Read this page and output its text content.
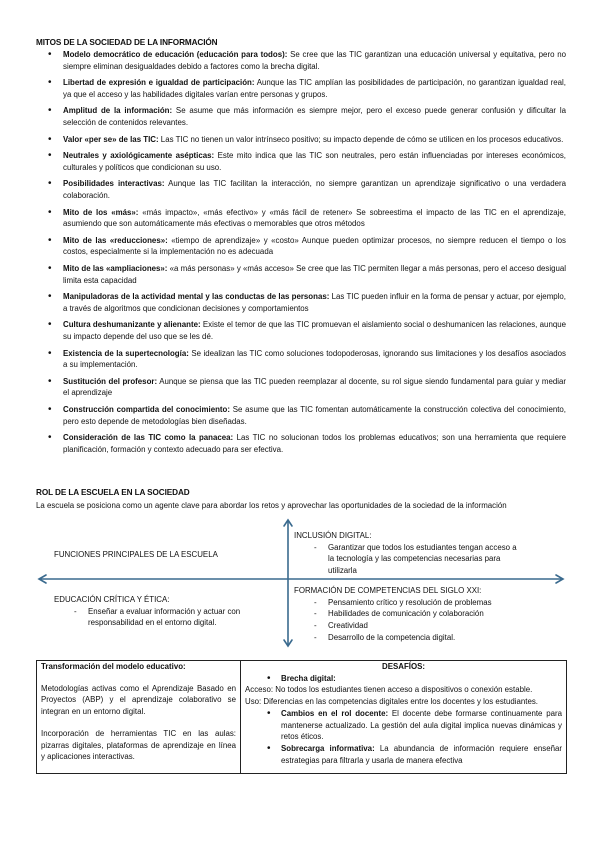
MITOS DE LA SOCIEDAD DE LA INFORMACIÓN
• Modelo democrático de educación (educación para todos): Se cree que las TIC garantizan una educación universal y equitativa, pero no siempre eliminan desigualdades debido a factores como la brecha digital.
• Libertad de expresión e igualdad de participación: Aunque las TIC amplían las posibilidades de participación, no garantizan igualdad real, ya que el acceso y las habilidades digitales varían entre personas y grupos.
• Amplitud de la información: Se asume que más información es siempre mejor, pero el exceso puede generar confusión y dificultar la selección de contenidos relevantes.
• Valor «per se» de las TIC: Las TIC no tienen un valor intrínseco positivo; su impacto depende de cómo se utilicen en los procesos educativos.
• Neutrales y axiológicamente asépticas: Este mito indica que las TIC son neutrales, pero están influenciadas por intereses económicos, culturales y políticos que condicionan su uso.
• Posibilidades interactivas: Aunque las TIC facilitan la interacción, no siempre garantizan un aprendizaje significativo o una verdadera colaboración.
• Mito de los «más»: «más impacto», «más efectivo» y «más fácil de retener» Se sobreestima el impacto de las TIC en el aprendizaje, asumiendo que son automáticamente más efectivas o memorables que otros métodos
• Mito de las «reducciones»: «tiempo de aprendizaje» y «costo» Aunque pueden optimizar procesos, no siempre reducen el tiempo o los costos, especialmente si la implementación no es adecuada
• Mito de las «ampliaciones»: «a más personas» y «más acceso» Se cree que las TIC permiten llegar a más personas, pero el acceso desigual limita esta capacidad
• Manipuladoras de la actividad mental y las conductas de las personas: Las TIC pueden influir en la forma de pensar y actuar, por ejemplo, a través de algoritmos que condicionan decisiones y comportamientos
• Cultura deshumanizante y alienante: Existe el temor de que las TIC promuevan el aislamiento social o deshumanicen las relaciones, aunque su impacto depende del uso que se les dé.
• Existencia de la supertecnología: Se idealizan las TIC como soluciones todopoderosas, ignorando sus limitaciones y los desafíos asociados a su implementación.
• Sustitución del profesor: Aunque se piensa que las TIC pueden reemplazar al docente, su rol sigue siendo fundamental para guiar y mediar el aprendizaje
• Construcción compartida del conocimiento: Se asume que las TIC fomentan automáticamente la construcción colectiva del conocimiento, pero esto depende de metodologías bien diseñadas.
• Consideración de las TIC como la panacea: Las TIC no solucionan todos los problemas educativos; son una herramienta que requiere planificación, formación y contexto adecuado para ser efectiva.
ROL DE LA ESCUELA EN LA SOCIEDAD
La escuela se posiciona como un agente clave para abordar los retos y aprovechar las oportunidades de la sociedad de la información
FUNCIONES PRINCIPALES DE LA ESCUELA
INCLUSIÓN DIGITAL:
- Garantizar que todos los estudiantes tengan acceso a la tecnología y las competencias necesarias para utilizarla
EDUCACIÓN CRÍTICA Y ÉTICA:
- Enseñar a evaluar información y actuar con responsabilidad en el entorno digital.
FORMACIÓN DE COMPETENCIAS DEL SIGLO XXI:
- Pensamiento crítico y resolución de problemas
- Habilidades de comunicación y colaboración
- Creatividad
- Desarrollo de la competencia digital.
Transformación del modelo educativo:

Metodologías activas como el Aprendizaje Basado en Proyectos (ABP) y el aprendizaje colaborativo se integran en un entorno digital.

Incorporación de herramientas TIC en las aulas: pizarras digitales, plataformas de aprendizaje en línea y aplicaciones interactivas.

DESAFÍOS:
• Brecha digital:
Acceso: No todos los estudiantes tienen acceso a dispositivos o conexión estable.
Uso: Diferencias en las competencias digitales entre los docentes y los estudiantes.
• Cambios en el rol docente: El docente debe formarse continuamente para mantenerse actualizado. La gestión del aula digital implica nuevas dinámicas y retos éticos.
• Sobrecarga informativa: La abundancia de información requiere enseñar estrategias para filtrarla y usarla de manera efectiva
